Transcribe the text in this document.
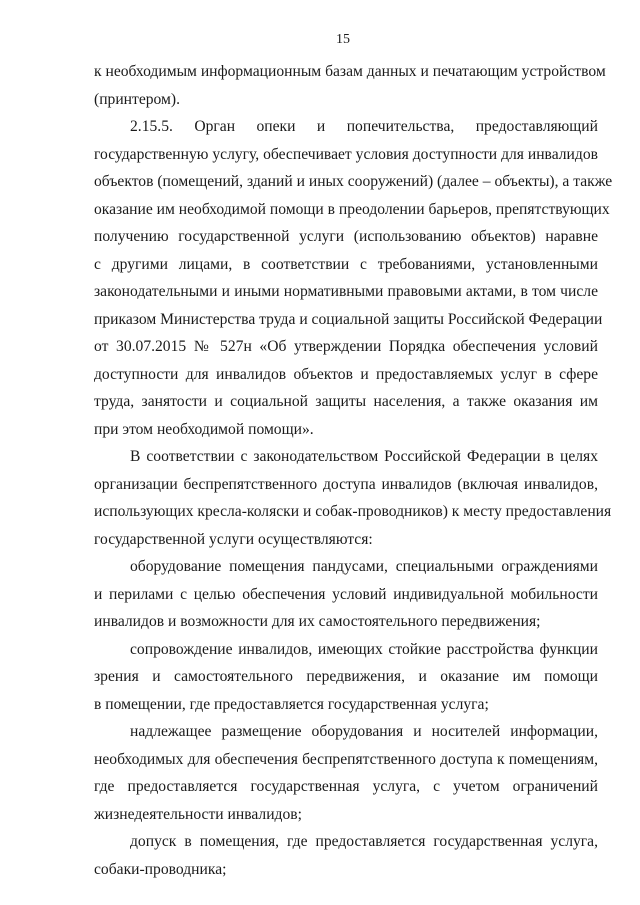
15

к необходимым информационным базам данных и печатающим устройством
(принтером).

2.15.5. Орган опеки и попечительства, предоставляющий
государственную услугу, обеспечивает условия доступности для инвалидов
объектов (помещений, зданий и иных сооружений) (далее – объекты), а также
оказание им необходимой помощи в преодолении барьеров, препятствующих
получению государственной услуги (использованию объектов) наравне
с другими лицами, в соответствии с требованиями, установленными
законодательными и иными нормативными правовыми актами, в том числе
приказом Министерства труда и социальной защиты Российской Федерации
от 30.07.2015 № 527н «Об утверждении Порядка обеспечения условий
доступности для инвалидов объектов и предоставляемых услуг в сфере
труда, занятости и социальной защиты населения, а также оказания им
при этом необходимой помощи».

В соответствии с законодательством Российской Федерации в целях
организации беспрепятственного доступа инвалидов (включая инвалидов,
использующих кресла-коляски и собак-проводников) к месту предоставления
государственной услуги осуществляются:

оборудование помещения пандусами, специальными ограждениями
и перилами с целью обеспечения условий индивидуальной мобильности
инвалидов и возможности для их самостоятельного передвижения;

сопровождение инвалидов, имеющих стойкие расстройства функции
зрения и самостоятельного передвижения, и оказание им помощи
в помещении, где предоставляется государственная услуга;

надлежащее размещение оборудования и носителей информации,
необходимых для обеспечения беспрепятственного доступа к помещениям,
где предоставляется государственная услуга, с учетом ограничений
жизнедеятельности инвалидов;

допуск в помещения, где предоставляется государственная услуга,
собаки-проводника;
